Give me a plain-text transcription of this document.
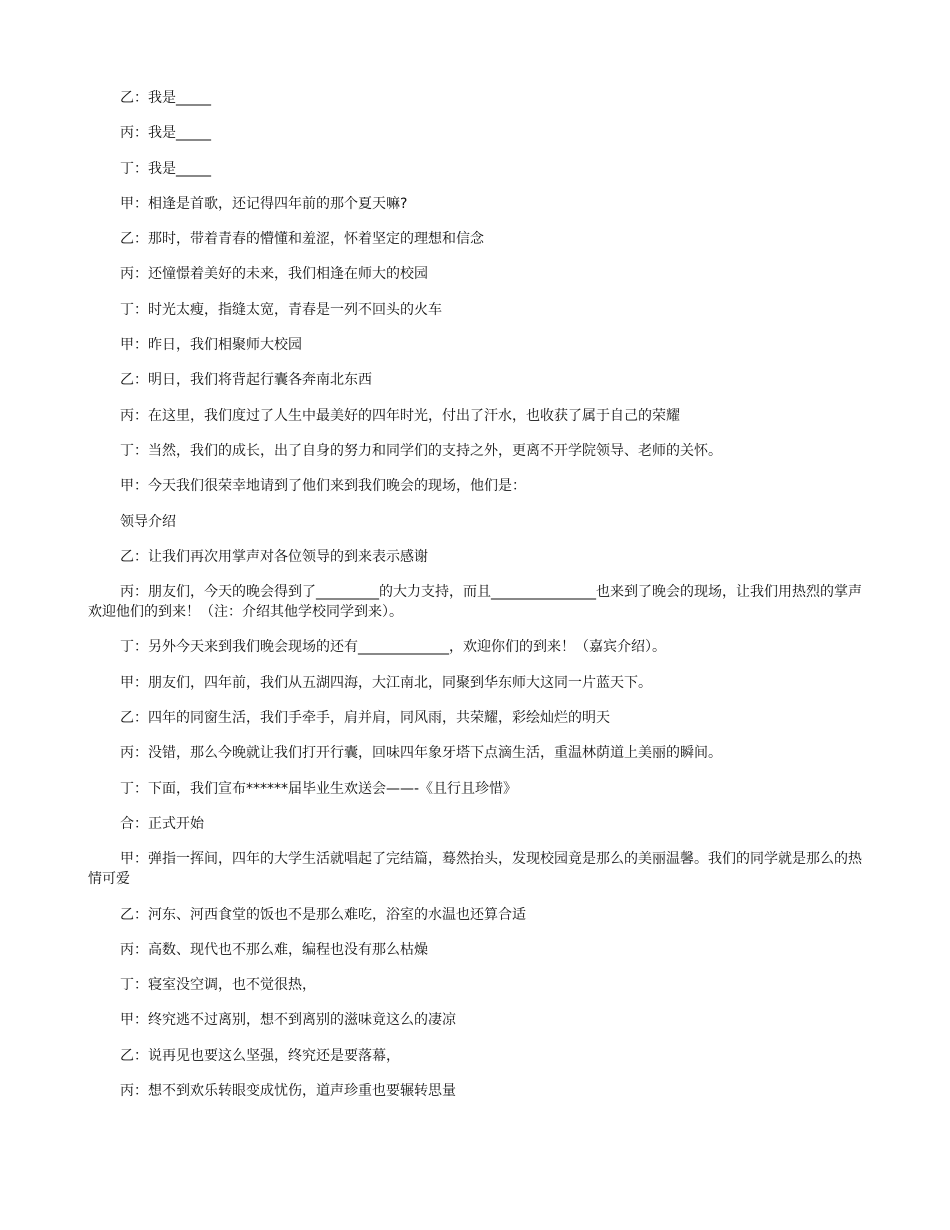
乙：我是_____

丙：我是_____

丁：我是_____

甲：相逢是首歌，还记得四年前的那个夏天嘛?

乙：那时，带着青春的懵懂和羞涩，怀着坚定的理想和信念

丙：还憧憬着美好的未来，我们相逢在师大的校园

丁：时光太瘦，指缝太宽，青春是一列不回头的火车

甲：昨日，我们相聚师大校园

乙：明日，我们将背起行囊各奔南北东西

丙：在这里，我们度过了人生中最美好的四年时光，付出了汗水，也收获了属于自己的荣耀

丁：当然，我们的成长，出了自身的努力和同学们的支持之外，更离不开学院领导、老师的关怀。

甲：今天我们很荣幸地请到了他们来到我们晚会的现场，他们是：

领导介绍

乙：让我们再次用掌声对各位领导的到来表示感谢

丙：朋友们，今天的晚会得到了_________的大力支持，而且_______________也来到了晚会的现场，让我们用热烈的掌声欢迎他们的到来！（注：介绍其他学校同学到来）。

丁：另外今天来到我们晚会现场的还有_____________，欢迎你们的到来！（嘉宾介绍）。

甲：朋友们，四年前，我们从五湖四海，大江南北，同聚到华东师大这同一片蓝天下。

乙：四年的同窗生活，我们手牵手，肩并肩，同风雨，共荣耀，彩绘灿烂的明天

丙：没错，那么今晚就让我们打开行囊，回味四年象牙塔下点滴生活，重温林荫道上美丽的瞬间。

丁：下面，我们宣布******届毕业生欢送会——-《且行且珍惜》

合：正式开始

甲：弹指一挥间，四年的大学生活就唱起了完结篇，蓦然抬头，发现校园竟是那么的美丽温馨。我们的同学就是那么的热情可爱

乙：河东、河西食堂的饭也不是那么难吃，浴室的水温也还算合适

丙：高数、现代也不那么难，编程也没有那么枯燥

丁：寝室没空调，也不觉很热，

甲：终究逃不过离别，想不到离别的滋味竟这么的凄凉

乙：说再见也要这么坚强，终究还是要落幕，

丙：想不到欢乐转眼变成忧伤，道声珍重也要辗转思量
